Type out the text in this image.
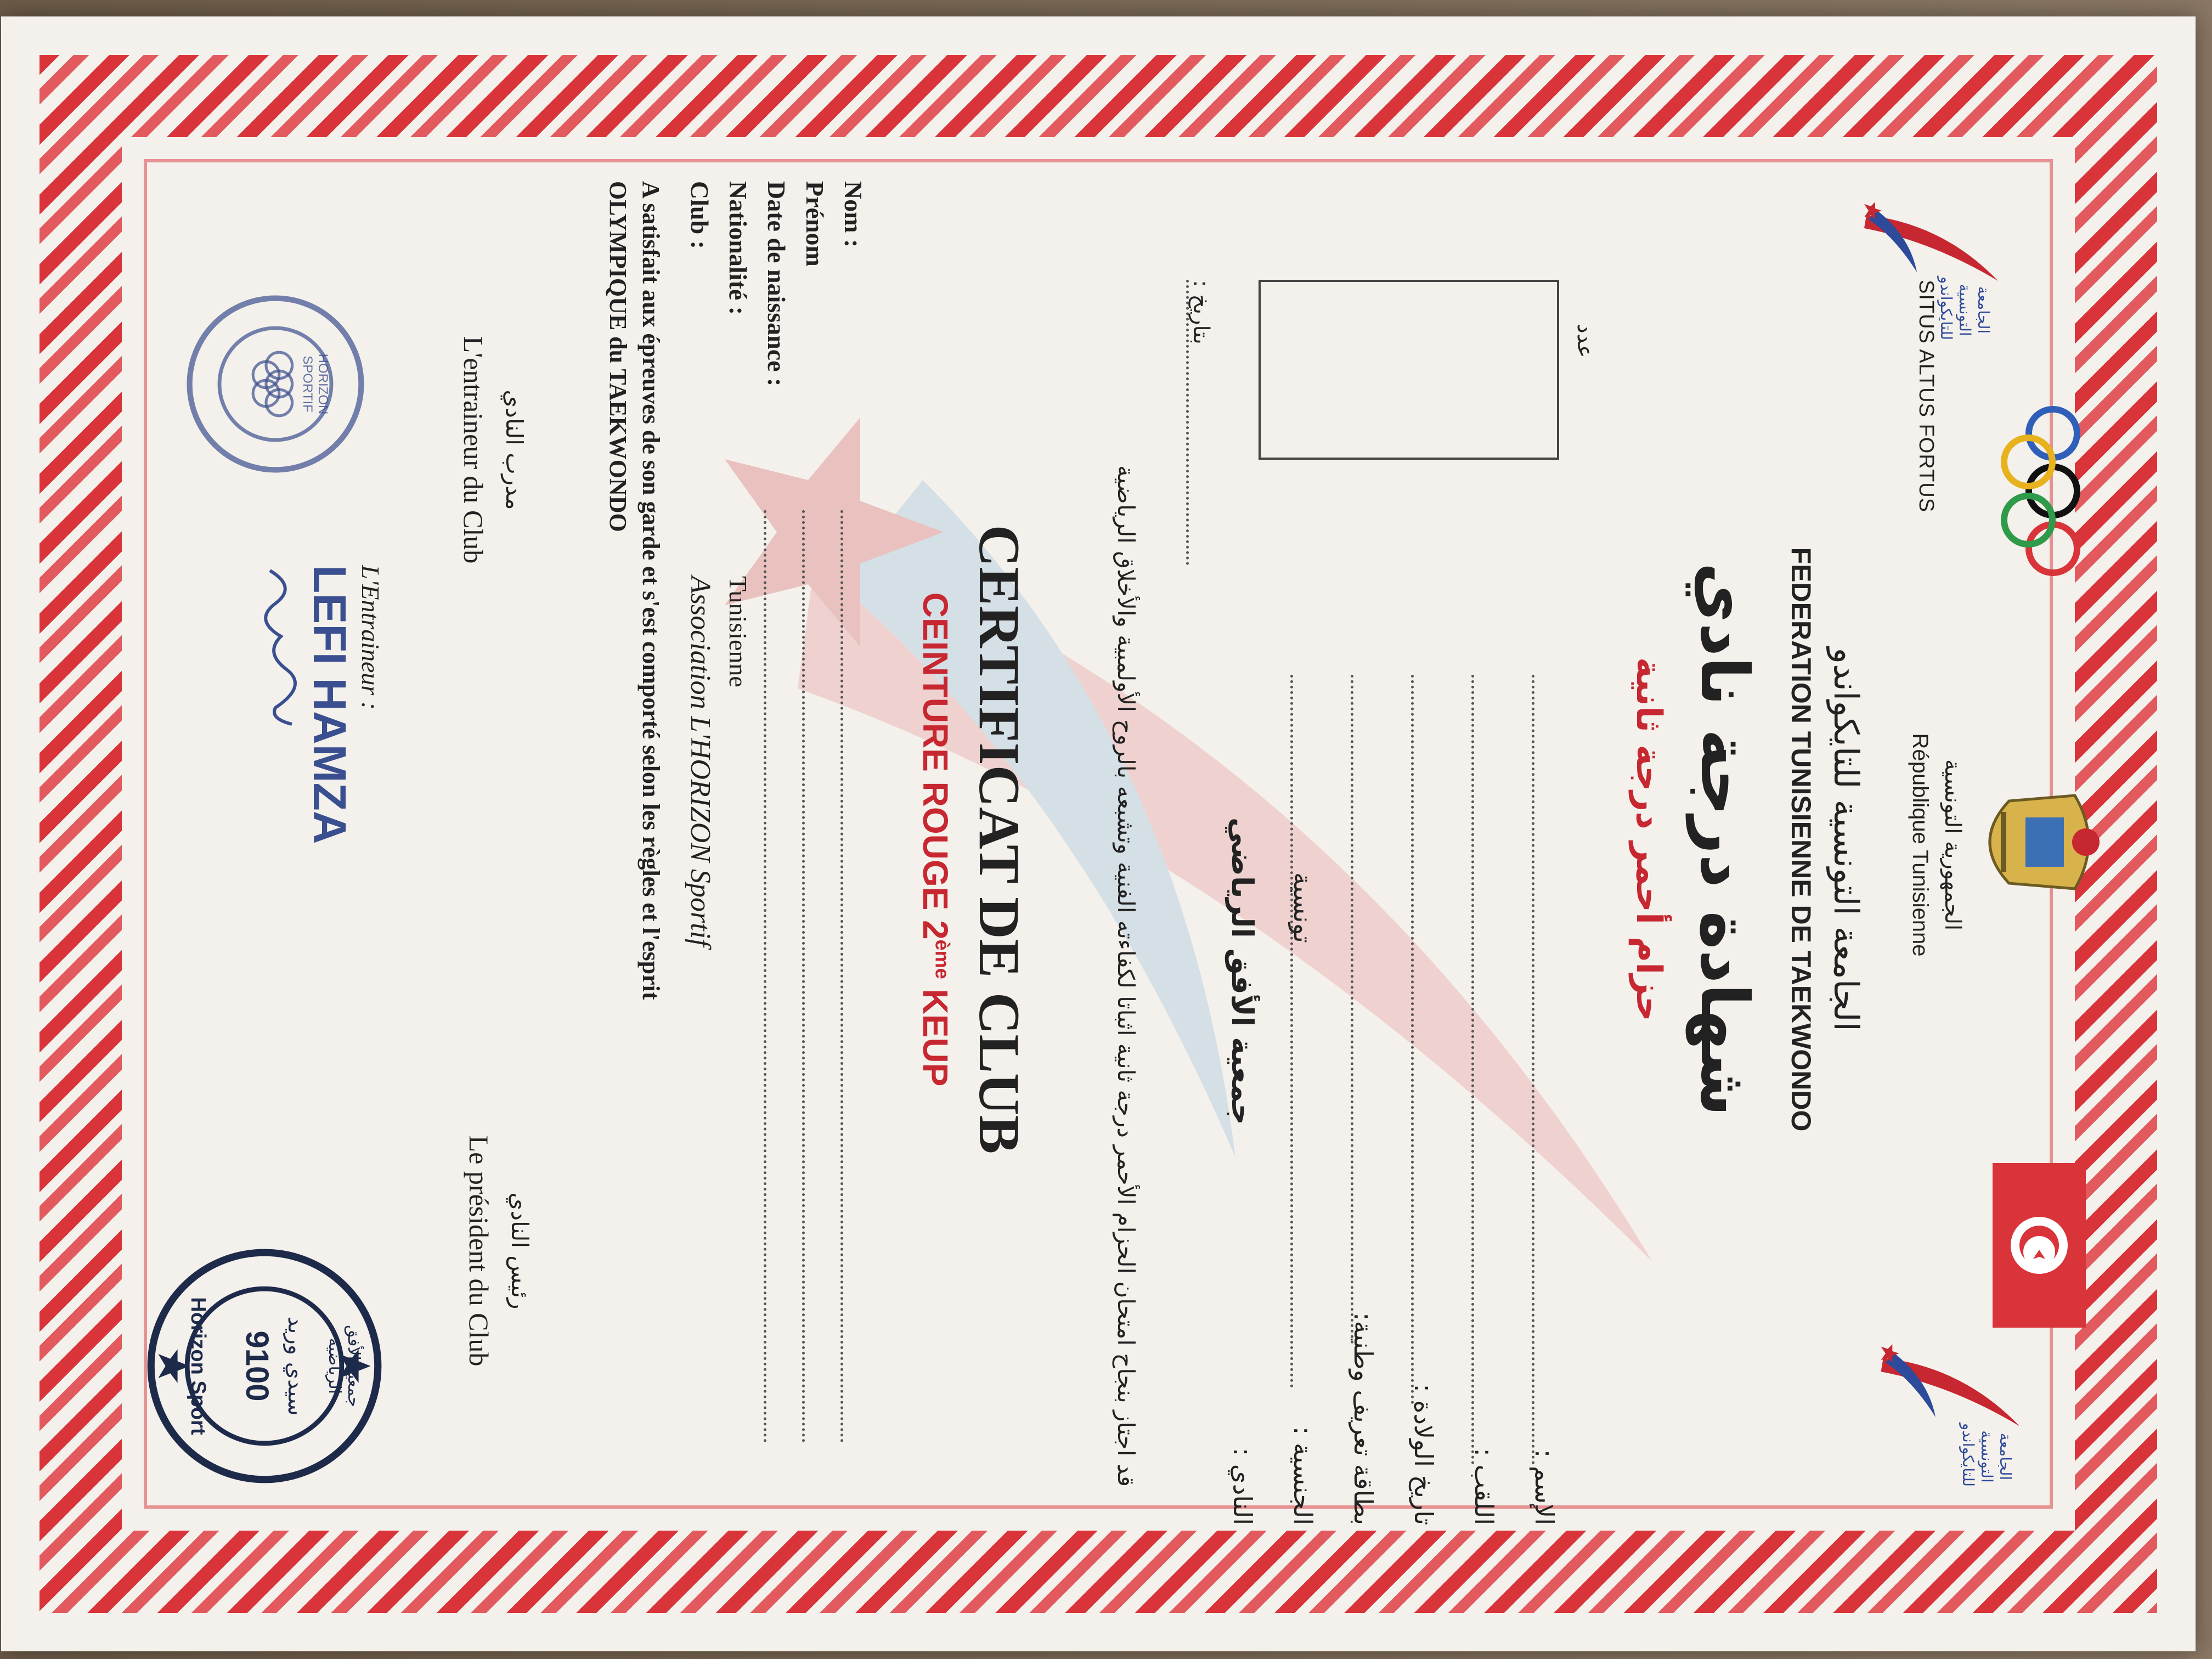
الجامعة
التونسية
للتايكواندو
SITUS ALTUS FORTUS
الجمهورية التونسية
République Tunisienne
الجامعة
التونسية
للتايكواندو
الجامعة التونسية للتايكواندو
FEDERATION TUNISIENNE DE TAEKWONDO
شهادة درجة نادي
حزام أحمر درجة ثانية
عدد
الإسم :
اللقب :
تاريخ الولادة :
بطاقة تعريف وطنية:
الجنسية :
تونسية
النادي :
جمعية الأفق الرياضي
بتاريخ :
قد اجتاز بنجاح امتحان الحزام الأحمر درجة ثانية اثباتا لكفاءته الفنية وتشبعه بالروح الأولمبية والأخلاق الرياضية
CERTIFICAT DE CLUB
CEINTURE ROUGE 2ème KEUP
Nom :
Prénom
Date de naissance :
Nationalité :
Tunisienne
Club :
Association L'HORIZON Sportif
A satisfait aux épreuves de son garde et s'est comporté selon les règles et l'esprit
OLYMPIQUE du TAEKWONDO
مدرب النادي
L'entraineur du Club
رئيس النادي
Le président du Club
L'Entraineur :
LEFI HAMZA
HORIZON SPORTIF
جمعية الأفق الرياضية
سيدي وريد
9100
Horizon Sport
